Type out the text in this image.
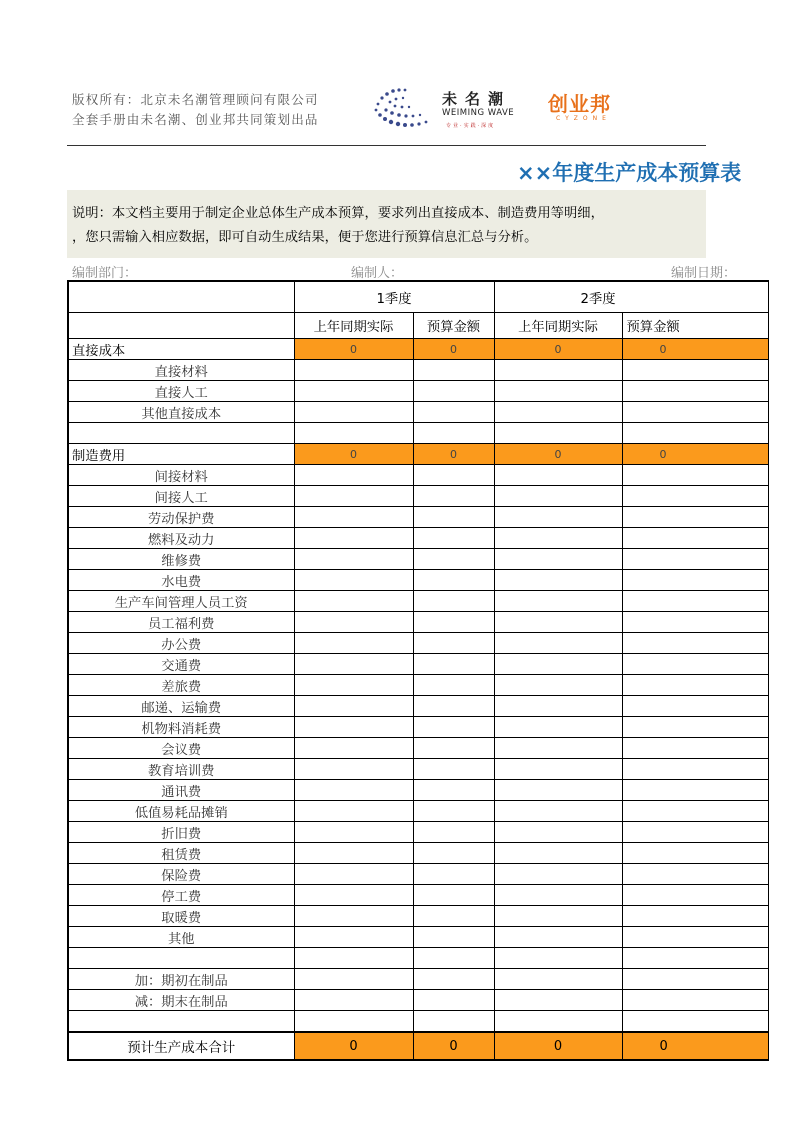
版权所有：北京未名潮管理顾问有限公司
全套手册由未名潮、创业邦共同策划出品
未名潮
WEIMING WAVE
专业·实践·深度
创业邦
CYZONE
××年度生产成本预算表
说明：本文档主要用于制定企业总体生产成本预算，要求列出直接成本、制造费用等明细，
，您只需输入相应数据，即可自动生成结果，便于您进行预算信息汇总与分析。
编制部门：	编制人：	编制日期：
	1季度		2季度	
	上年同期实际	预算金额	上年同期实际	预算金额
直接成本	0	0	0	0
直接材料				
直接人工				
其他直接成本				

制造费用	0	0	0	0
间接材料				
间接人工				
劳动保护费				
燃料及动力				
维修费				
水电费				
生产车间管理人员工资				
员工福利费				
办公费				
交通费				
差旅费				
邮递、运输费				
机物料消耗费				
会议费				
教育培训费				
通讯费				
低值易耗品摊销				
折旧费				
租赁费				
保险费				
停工费				
取暖费				
其他				

加：期初在制品				
减：期末在制品				

预计生产成本合计	0	0	0	0
